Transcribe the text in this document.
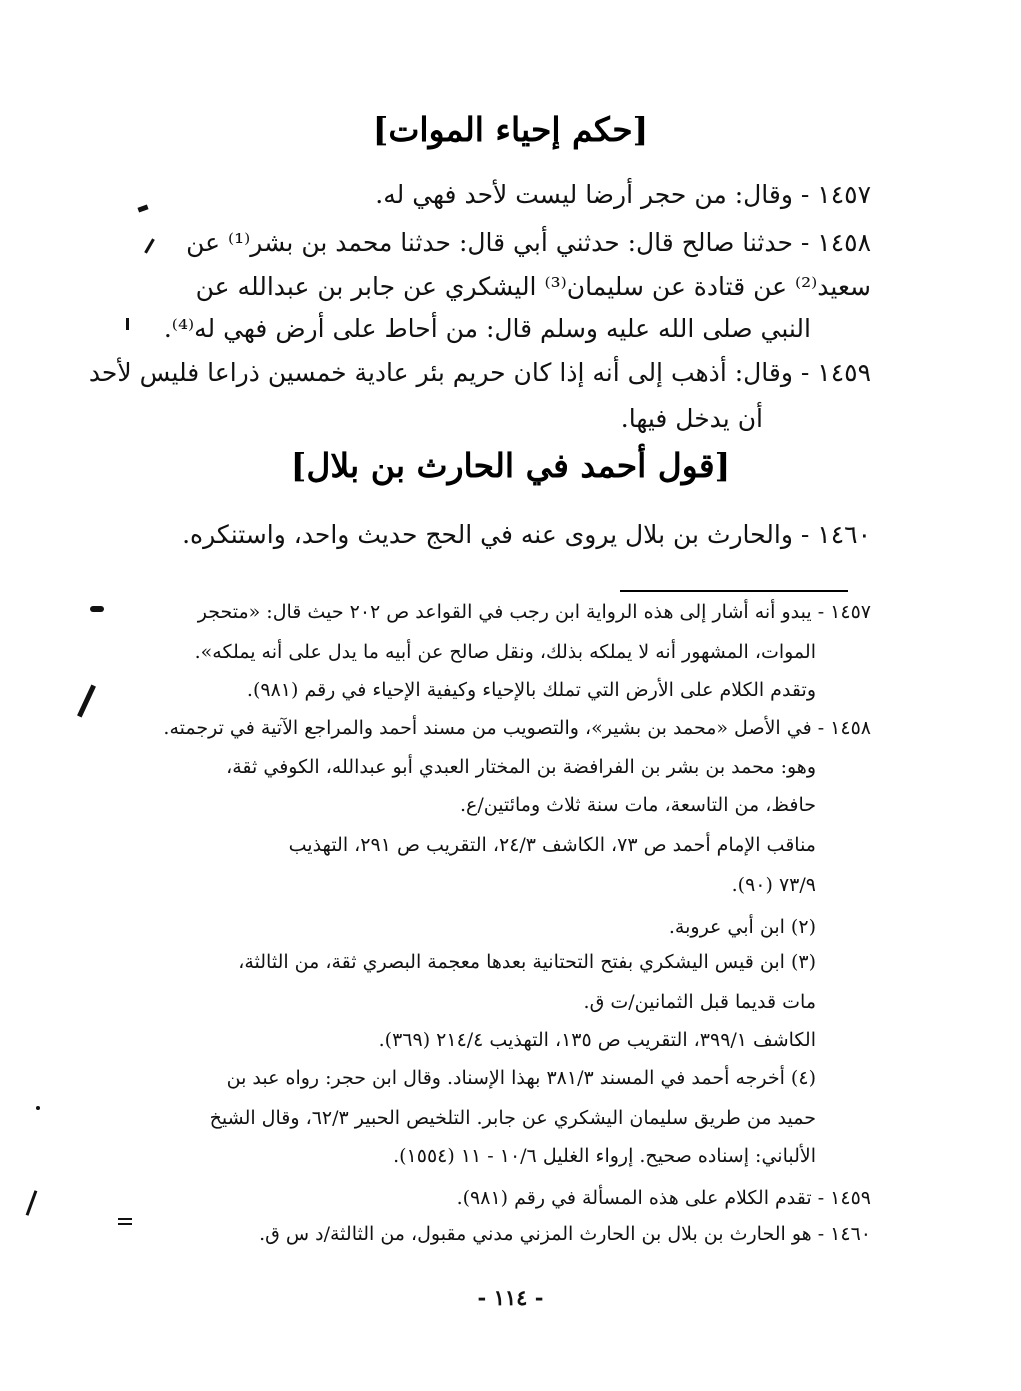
[حكم إحياء الموات]
١٤٥٧ - وقال: من حجر أرضا ليست لأحد فهي له.
١٤٥٨ - حدثنا صالح قال: حدثني أبي قال: حدثنا محمد بن بشر⁽¹⁾ عن
سعيد⁽²⁾ عن قتادة عن سليمان⁽³⁾ اليشكري عن جابر بن عبدالله عن
النبي صلى الله عليه وسلم قال: من أحاط على أرض فهي له⁽⁴⁾.
١٤٥٩ - وقال: أذهب إلى أنه إذا كان حريم بئر عادية خمسين ذراعا فليس لأحد
أن يدخل فيها.
[قول أحمد في الحارث بن بلال]
١٤٦٠ - والحارث بن بلال يروى عنه في الحج حديث واحد، واستنكره.
١٤٥٧ - يبدو أنه أشار إلى هذه الرواية ابن رجب في القواعد ص ٢٠٢ حيث قال: «متحجر
الموات، المشهور أنه لا يملكه بذلك، ونقل صالح عن أبيه ما يدل على أنه يملكه».
وتقدم الكلام على الأرض التي تملك بالإحياء وكيفية الإحياء في رقم (٩٨١).
١٤٥٨ - في الأصل «محمد بن بشير»، والتصويب من مسند أحمد والمراجع الآتية في ترجمته.
وهو: محمد بن بشر بن الفرافضة بن المختار العبدي أبو عبدالله، الكوفي ثقة،
حافظ، من التاسعة، مات سنة ثلاث ومائتين/ع.
مناقب الإمام أحمد ص ٧٣، الكاشف ٢٤/٣، التقريب ص ٢٩١، التهذيب
٧٣/٩ (٩٠).
(٢) ابن أبي عروبة.
(٣) ابن قيس اليشكري بفتح التحتانية بعدها معجمة البصري ثقة، من الثالثة،
مات قديما قبل الثمانين/ت ق.
الكاشف ٣٩٩/١، التقريب ص ١٣٥، التهذيب ٢١٤/٤ (٣٦٩).
(٤) أخرجه أحمد في المسند ٣٨١/٣ بهذا الإسناد. وقال ابن حجر: رواه عبد بن
حميد من طريق سليمان اليشكري عن جابر. التلخيص الحبير ٦٢/٣، وقال الشيخ
الألباني: إسناده صحيح. إرواء الغليل ١٠/٦ - ١١ (١٥٥٤).
١٤٥٩ - تقدم الكلام على هذه المسألة في رقم (٩٨١).
١٤٦٠ - هو الحارث بن بلال بن الحارث المزني مدني مقبول، من الثالثة/د س ق.
- ١١٤ -
